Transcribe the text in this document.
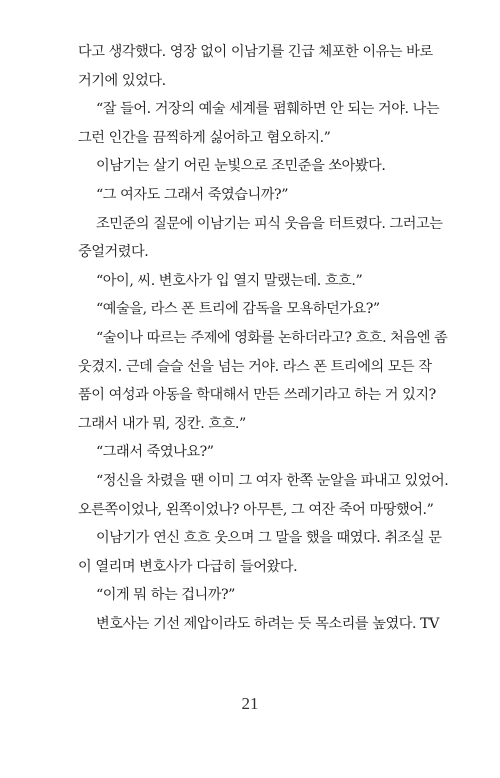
다고 생각했다. 영장 없이 이남기를 긴급 체포한 이유는 바로
거기에 있었다.
“잘 들어. 거장의 예술 세계를 폄훼하면 안 되는 거야. 나는
그런 인간을 끔찍하게 싫어하고 혐오하지.”
이남기는 살기 어린 눈빛으로 조민준을 쏘아봤다.
“그 여자도 그래서 죽였습니까?”
조민준의 질문에 이남기는 피식 웃음을 터트렸다. 그러고는
중얼거렸다.
“아이, 씨. 변호사가 입 열지 말랬는데. 흐흐.”
“예술을, 라스 폰 트리에 감독을 모욕하던가요?”
“술이나 따르는 주제에 영화를 논하더라고? 흐흐. 처음엔 좀
웃겼지. 근데 슬슬 선을 넘는 거야. 라스 폰 트리에의 모든 작
품이 여성과 아동을 학대해서 만든 쓰레기라고 하는 거 있지?
그래서 내가 뭐, 징칸. 흐흐.”
“그래서 죽였나요?”
“정신을 차렸을 땐 이미 그 여자 한쪽 눈알을 파내고 있었어.
오른쪽이었나, 왼쪽이었나? 아무튼, 그 여잔 죽어 마땅했어.”
이남기가 연신 흐흐 웃으며 그 말을 했을 때였다. 취조실 문
이 열리며 변호사가 다급히 들어왔다.
“이게 뭐 하는 겁니까?”
변호사는 기선 제압이라도 하려는 듯 목소리를 높였다. TV
21
